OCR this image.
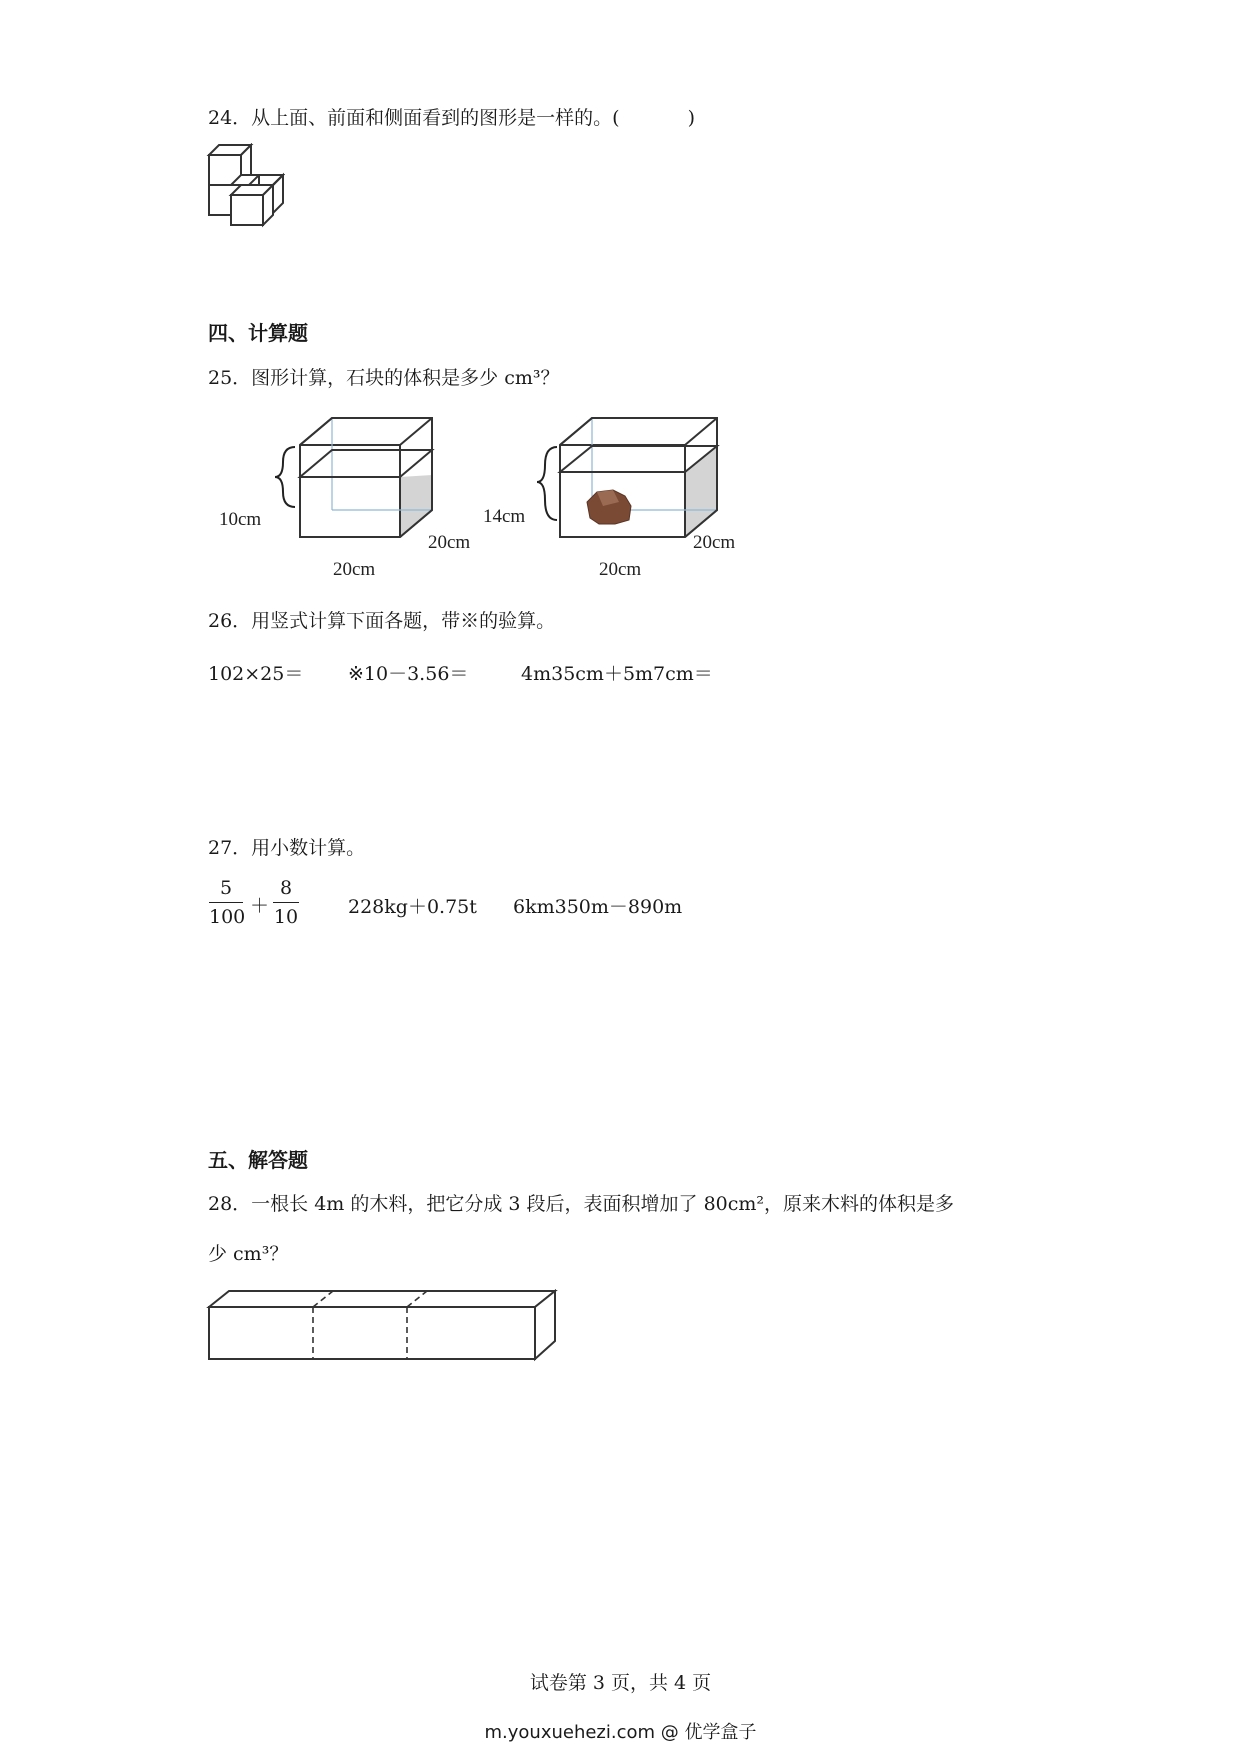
24．从上面、前面和侧面看到的图形是一样的。(	)
四、计算题
25．图形计算，石块的体积是多少 cm³？
10cm
20cm
20cm
14cm
20cm
20cm
26．用竖式计算下面各题，带※的验算。
102×25＝ ※10－3.56＝	4m35cm＋5m7cm＝
27．用小数计算。
5
100 ＋
8
10	228kg＋0.75t 6km350m－890m
五、解答题
28．一根长 4m 的木料，把它分成 3 段后，表面积增加了 80cm²，原来木料的体积是多
少 cm³？
试卷第 3 页，共 4 页
m.youxuehezi.com @ 优学盒子
